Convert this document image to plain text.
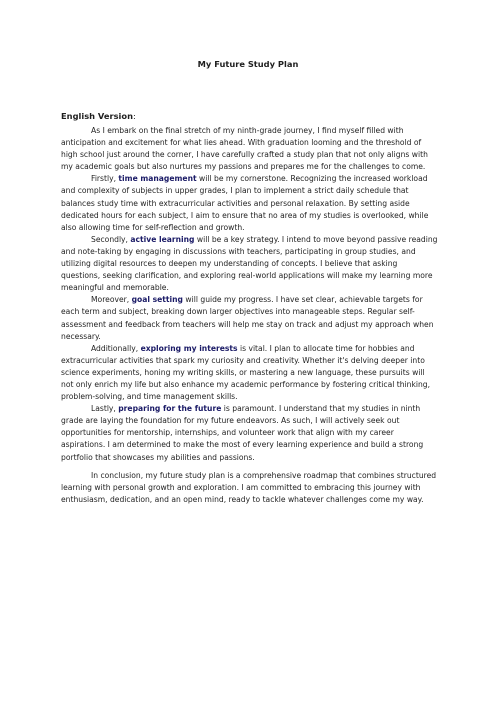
My Future Study Plan
English Version:

As I embark on the final stretch of my ninth-grade journey, I find myself filled with anticipation and excitement for what lies ahead. With graduation looming and the threshold of high school just around the corner, I have carefully crafted a study plan that not only aligns with my academic goals but also nurtures my passions and prepares me for the challenges to come.

Firstly, time management will be my cornerstone. Recognizing the increased workload and complexity of subjects in upper grades, I plan to implement a strict daily schedule that balances study time with extracurricular activities and personal relaxation. By setting aside dedicated hours for each subject, I aim to ensure that no area of my studies is overlooked, while also allowing time for self-reflection and growth.

Secondly, active learning will be a key strategy. I intend to move beyond passive reading and note-taking by engaging in discussions with teachers, participating in group studies, and utilizing digital resources to deepen my understanding of concepts. I believe that asking questions, seeking clarification, and exploring real-world applications will make my learning more meaningful and memorable.

Moreover, goal setting will guide my progress. I have set clear, achievable targets for each term and subject, breaking down larger objectives into manageable steps. Regular self-assessment and feedback from teachers will help me stay on track and adjust my approach when necessary.

Additionally, exploring my interests is vital. I plan to allocate time for hobbies and extracurricular activities that spark my curiosity and creativity. Whether it's delving deeper into science experiments, honing my writing skills, or mastering a new language, these pursuits will not only enrich my life but also enhance my academic performance by fostering critical thinking, problem-solving, and time management skills.

Lastly, preparing for the future is paramount. I understand that my studies in ninth grade are laying the foundation for my future endeavors. As such, I will actively seek out opportunities for mentorship, internships, and volunteer work that align with my career aspirations. I am determined to make the most of every learning experience and build a strong portfolio that showcases my abilities and passions.

In conclusion, my future study plan is a comprehensive roadmap that combines structured learning with personal growth and exploration. I am committed to embracing this journey with enthusiasm, dedication, and an open mind, ready to tackle whatever challenges come my way.
